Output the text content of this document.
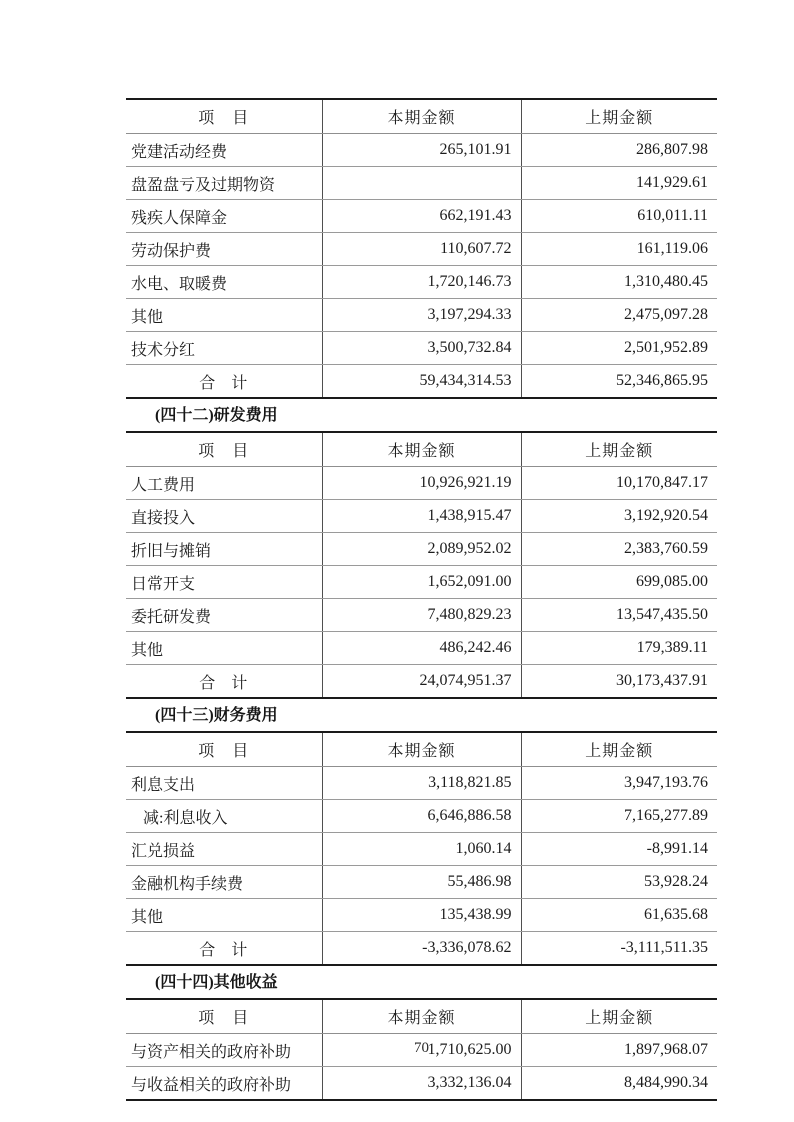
项　目	本期金额	上期金额
党建活动经费	265,101.91	286,807.98
盘盈盘亏及过期物资		141,929.61
残疾人保障金	662,191.43	610,011.11
劳动保护费	110,607.72	161,119.06
水电、取暖费	1,720,146.73	1,310,480.45
其他	3,197,294.33	2,475,097.28
技术分红	3,500,732.84	2,501,952.89
合　计	59,434,314.53	52,346,865.95
(四十二)研发费用
项　目	本期金额	上期金额
人工费用	10,926,921.19	10,170,847.17
直接投入	1,438,915.47	3,192,920.54
折旧与摊销	2,089,952.02	2,383,760.59
日常开支	1,652,091.00	699,085.00
委托研发费	7,480,829.23	13,547,435.50
其他	486,242.46	179,389.11
合　计	24,074,951.37	30,173,437.91
(四十三)财务费用
项　目	本期金额	上期金额
利息支出	3,118,821.85	3,947,193.76
减:利息收入	6,646,886.58	7,165,277.89
汇兑损益	1,060.14	-8,991.14
金融机构手续费	55,486.98	53,928.24
其他	135,438.99	61,635.68
合　计	-3,336,078.62	-3,111,511.35
(四十四)其他收益
项　目	本期金额	上期金额
与资产相关的政府补助	1,710,625.00	1,897,968.07
与收益相关的政府补助	3,332,136.04	8,484,990.34
70
